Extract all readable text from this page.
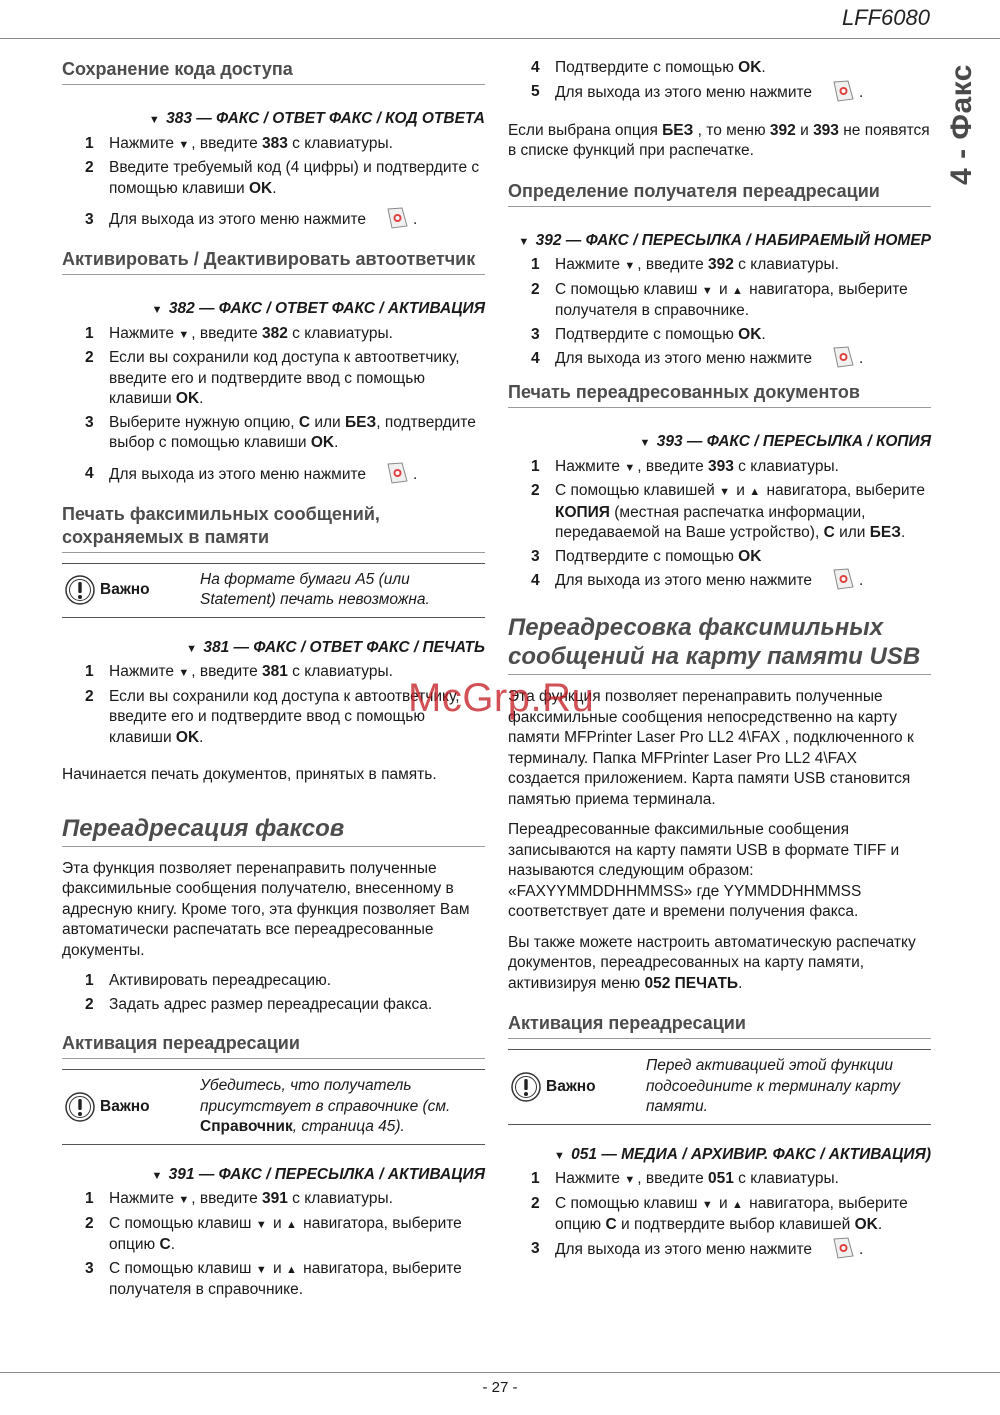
LFF6080
4 - Факс
Сохранение кода доступа
▼ 383 — ФАКС / ОТВЕТ ФАКС / КОД ОТВЕТА
1 Нажмите ▼ , введите 383 с клавиатуры.
2 Введите требуемый код (4 цифры) и подтвердите с помощью клавиши OK.
3 Для выхода из этого меню нажмите	.
Активировать / Деактивировать автоответчик
▼ 382 — ФАКС / ОТВЕТ ФАКС / АКТИВАЦИЯ
1 Нажмите ▼ , введите 382 с клавиатуры.
2 Если вы сохранили код доступа к автоответчику, введите его и подтвердите ввод с помощью клавиши OK.
3 Выберите нужную опцию, С или БЕЗ, подтвердите выбор с помощью клавиши OK.
4 Для выхода из этого меню нажмите	.
Печать факсимильных сообщений, сохраняемых в памяти
Важно
На формате бумаги A5 (или Statement) печать невозможна.
▼ 381 — ФАКС / ОТВЕТ ФАКС / ПЕЧАТЬ
1 Нажмите ▼ , введите 381 с клавиатуры.
2 Если вы сохранили код доступа к автоответчику, введите его и подтвердите ввод с помощью клавиши OK.

Начинается печать документов, принятых в память.

Переадресация факсов

Эта функция позволяет перенаправить полученные факсимильные сообщения получателю, внесенному в адресную книгу. Кроме того, эта функция позволяет Вам автоматически распечатать все переадресованные документы.

1 Активировать переадресацию.
2 Задать адрес размер переадресации факса.
Активация переадресации
Важно
Убедитесь, что получатель присутствует в справочнике (см. Справочник, страница 45).
▼ 391 — ФАКС / ПЕРЕСЫЛКА / АКТИВАЦИЯ
1 Нажмите ▼ , введите 391 с клавиатуры.
2 С помощью клавиш ▼ и ▲ навигатора, выберите опцию С.
3 С помощью клавиш ▼ и ▲ навигатора, выберите получателя в справочнике.
4 Подтвердите с помощью OK.
5 Для выхода из этого меню нажмите	.

Если выбрана опция БЕЗ , то меню 392 и 393 не появятся в списке функций при распечатке.

Определение получателя переадресации
▼ 392 — ФАКС / ПЕРЕСЫЛКА / НАБИРАЕМЫЙ НОМЕР
1 Нажмите ▼ , введите 392 с клавиатуры.
2 С помощью клавиш ▼ и ▲ навигатора, выберите получателя в справочнике.
3 Подтвердите с помощью OK.
4 Для выхода из этого меню нажмите	.
Печать переадресованных документов
▼ 393 — ФАКС / ПЕРЕСЫЛКА / КОПИЯ
1 Нажмите ▼ , введите 393 с клавиатуры.
2 С помощью клавишей ▼ и ▲ навигатора, выберите КОПИЯ (местная распечатка информации, передаваемой на Ваше устройство), С или БЕЗ.
3 Подтвердите с помощью OK
4 Для выхода из этого меню нажмите	.
Переадресовка факсимильных сообщений на карту памяти USB

Эта функция позволяет перенаправить полученные факсимильные сообщения непосредственно на карту памяти MFPrinter Laser Pro LL2 4\FAX , подключенного к терминалу. Папка MFPrinter Laser Pro LL2 4\FAX создается приложением. Карта памяти USB становится памятью приема терминала.

Переадресованные факсимильные сообщения записываются на карту памяти USB в формате TIFF и называются следующим образом: «FAXYYMMDDHHMMSS» где YYMMDDHHMMSS соответствует дате и времени получения факса.

Вы также можете настроить автоматическую распечатку документов, переадресованных на карту памяти, активизируя меню 052 ПЕЧАТЬ.

Активация переадресации
Важно
Перед активацией этой функции подсоедините к терминалу карту памяти.
▼ 051 — МЕДИА / АРХИВИР. ФАКС / АКТИВАЦИЯ)
1 Нажмите ▼ , введите 051 с клавиатуры.
2 С помощью клавиш ▼ и ▲ навигатора, выберите опцию С и подтвердите выбор клавишей OK.
3 Для выхода из этого меню нажмите	.
McGrp.Ru
- 27 -
